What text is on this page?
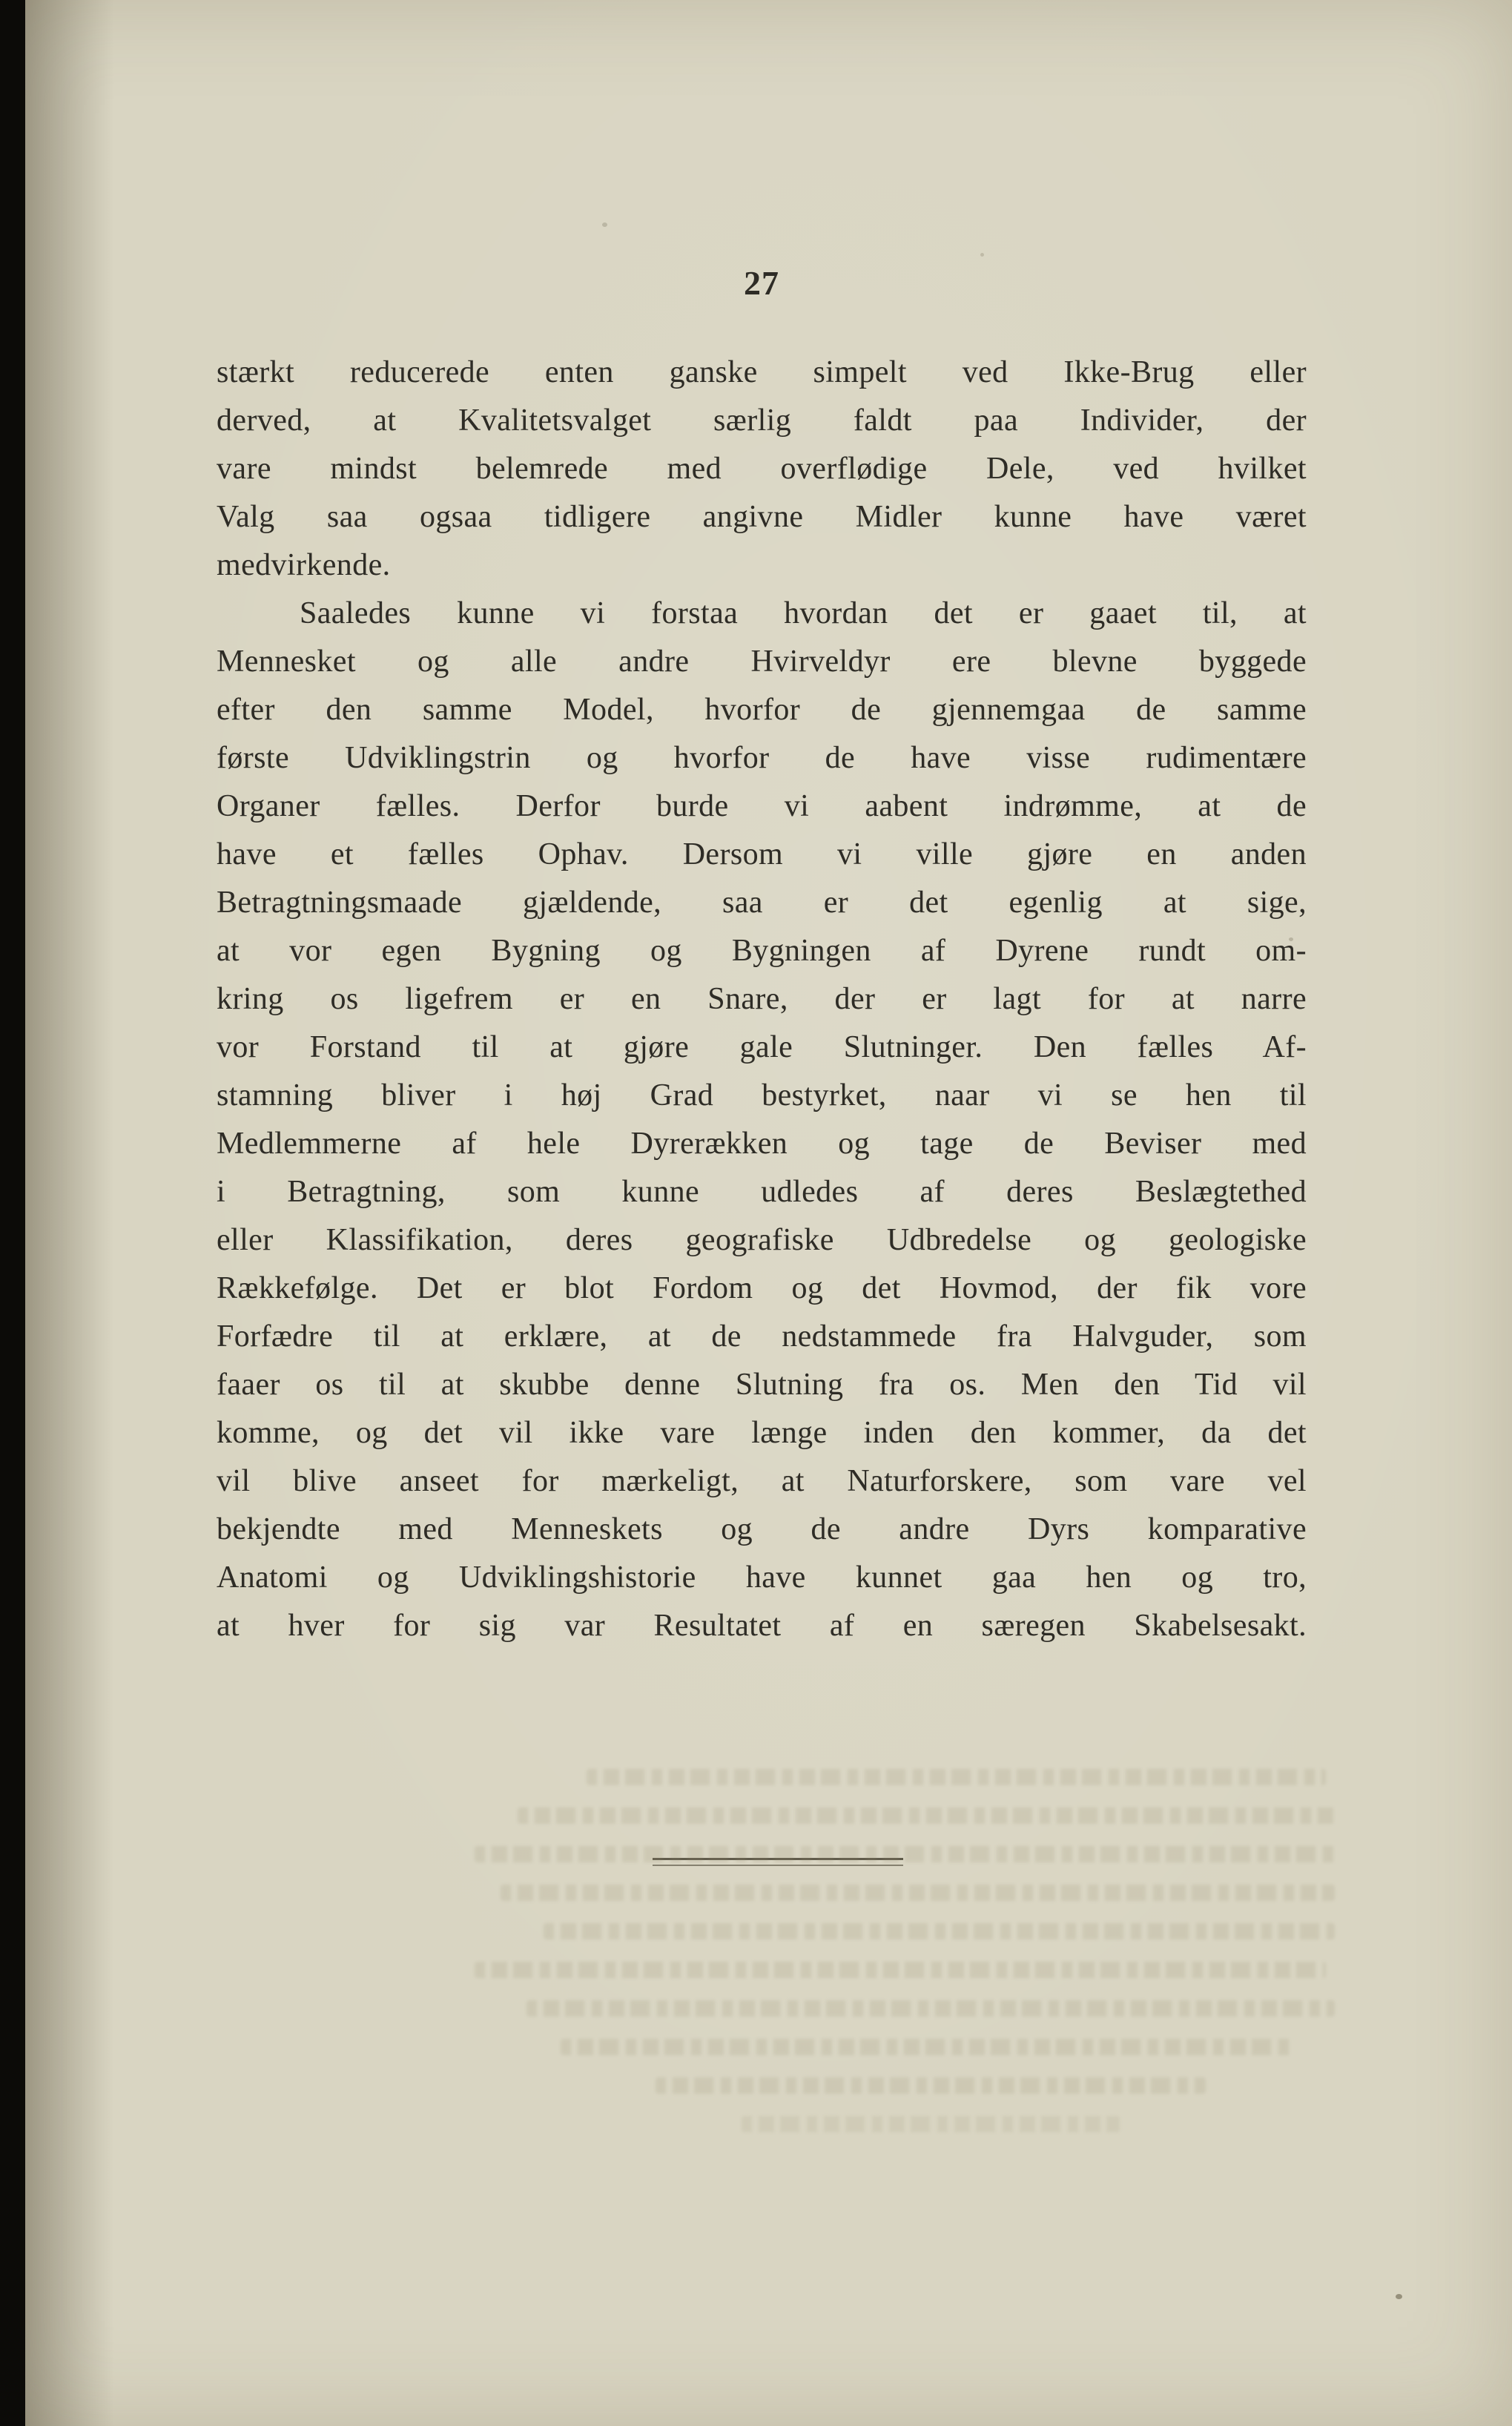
27
stærkt reducerede enten ganske simpelt ved Ikke-Brug eller
derved, at Kvalitetsvalget særlig faldt paa Individer, der
vare mindst belemrede med overflødige Dele, ved hvilket
Valg saa ogsaa tidligere angivne Midler kunne have været
medvirkende.
Saaledes kunne vi forstaa hvordan det er gaaet til, at
Mennesket og alle andre Hvirveldyr ere blevne byggede
efter den samme Model, hvorfor de gjennemgaa de samme
første Udviklingstrin og hvorfor de have visse rudimentære
Organer fælles. Derfor burde vi aabent indrømme, at de
have et fælles Ophav. Dersom vi ville gjøre en anden
Betragtningsmaade gjældende, saa er det egenlig at sige,
at vor egen Bygning og Bygningen af Dyrene rundt om-
kring os ligefrem er en Snare, der er lagt for at narre
vor Forstand til at gjøre gale Slutninger. Den fælles Af-
stamning bliver i høj Grad bestyrket, naar vi se hen til
Medlemmerne af hele Dyrerækken og tage de Beviser med
i Betragtning, som kunne udledes af deres Beslægtethed
eller Klassifikation, deres geografiske Udbredelse og geologiske
Rækkefølge. Det er blot Fordom og det Hovmod, der fik vore
Forfædre til at erklære, at de nedstammede fra Halvguder, som
faaer os til at skubbe denne Slutning fra os. Men den Tid vil
komme, og det vil ikke vare længe inden den kommer, da det
vil blive anseet for mærkeligt, at Naturforskere, som vare vel
bekjendte med Menneskets og de andre Dyrs komparative
Anatomi og Udviklingshistorie have kunnet gaa hen og tro,
at hver for sig var Resultatet af en særegen Skabelsesakt.
